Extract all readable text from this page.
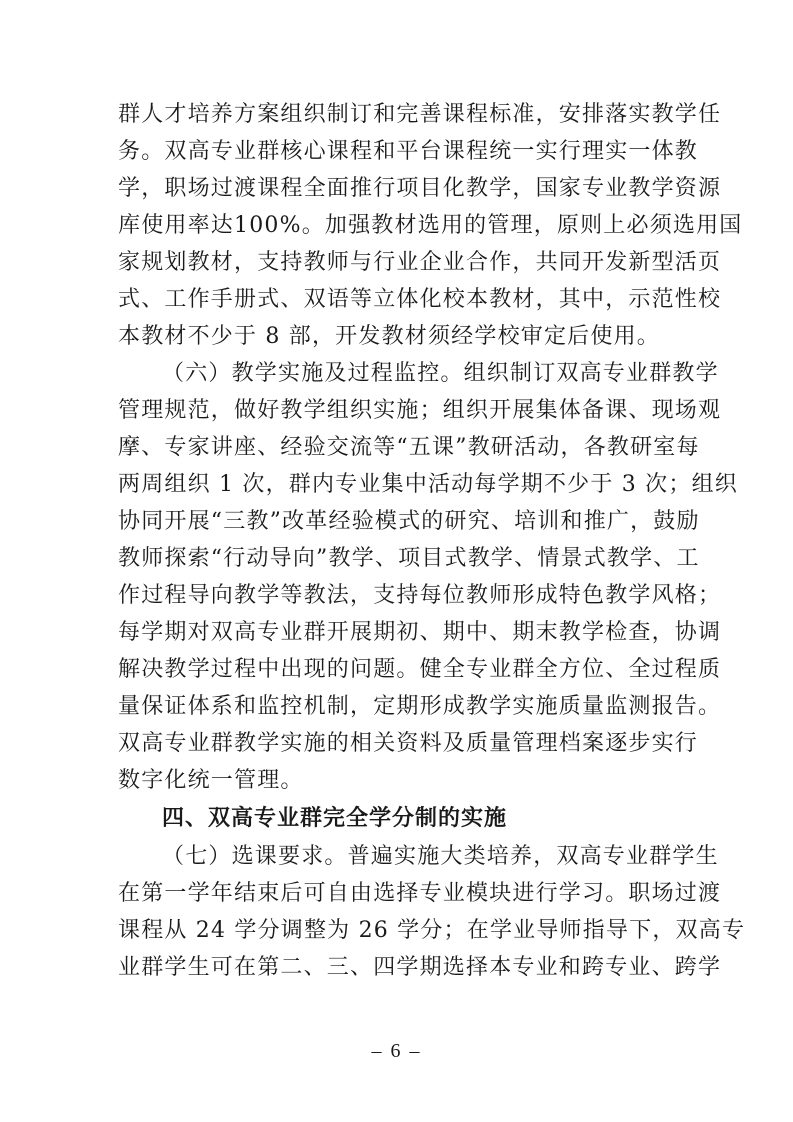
群人才培养方案组织制订和完善课程标准，安排落实教学任
务。双高专业群核心课程和平台课程统一实行理实一体教
学，职场过渡课程全面推行项目化教学，国家专业教学资源
库使用率达100%。加强教材选用的管理，原则上必须选用国
家规划教材，支持教师与行业企业合作，共同开发新型活页
式、工作手册式、双语等立体化校本教材，其中，示范性校
本教材不少于 8 部，开发教材须经学校审定后使用。
（六）教学实施及过程监控。组织制订双高专业群教学
管理规范，做好教学组织实施；组织开展集体备课、现场观
摩、专家讲座、经验交流等“五课”教研活动，各教研室每
两周组织 1 次，群内专业集中活动每学期不少于 3 次；组织
协同开展“三教”改革经验模式的研究、培训和推广，鼓励
教师探索“行动导向”教学、项目式教学、情景式教学、工
作过程导向教学等教法，支持每位教师形成特色教学风格；
每学期对双高专业群开展期初、期中、期末教学检查，协调
解决教学过程中出现的问题。健全专业群全方位、全过程质
量保证体系和监控机制，定期形成教学实施质量监测报告。
双高专业群教学实施的相关资料及质量管理档案逐步实行
数字化统一管理。
四、双高专业群完全学分制的实施
（七）选课要求。普遍实施大类培养，双高专业群学生
在第一学年结束后可自由选择专业模块进行学习。职场过渡
课程从 24 学分调整为 26 学分；在学业导师指导下，双高专
业群学生可在第二、三、四学期选择本专业和跨专业、跨学
– 6 –
